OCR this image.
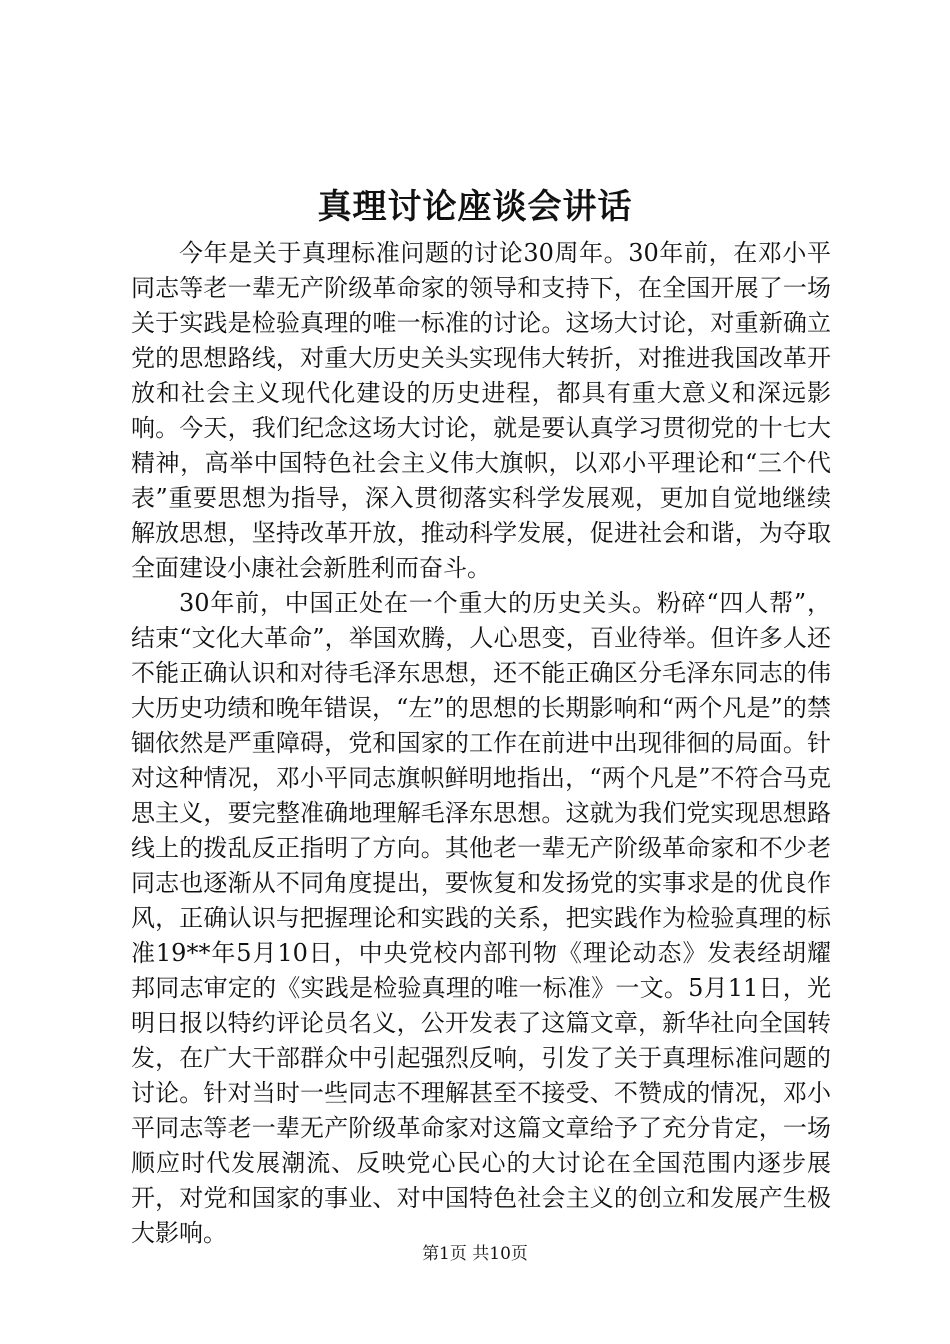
真理讨论座谈会讲话

今年是关于真理标准问题的讨论30周年。30年前，在邓小平同志等老一辈无产阶级革命家的领导和支持下，在全国开展了一场关于实践是检验真理的唯一标准的讨论。这场大讨论，对重新确立党的思想路线，对重大历史关头实现伟大转折，对推进我国改革开放和社会主义现代化建设的历史进程，都具有重大意义和深远影响。今天，我们纪念这场大讨论，就是要认真学习贯彻党的十七大精神，高举中国特色社会主义伟大旗帜，以邓小平理论和“三个代表”重要思想为指导，深入贯彻落实科学发展观，更加自觉地继续解放思想，坚持改革开放，推动科学发展，促进社会和谐，为夺取全面建设小康社会新胜利而奋斗。

30年前，中国正处在一个重大的历史关头。粉碎“四人帮”，结束“文化大革命”，举国欢腾，人心思变，百业待举。但许多人还不能正确认识和对待毛泽东思想，还不能正确区分毛泽东同志的伟大历史功绩和晚年错误，“左”的思想的长期影响和“两个凡是”的禁锢依然是严重障碍，党和国家的工作在前进中出现徘徊的局面。针对这种情况，邓小平同志旗帜鲜明地指出，“两个凡是”不符合马克思主义，要完整准确地理解毛泽东思想。这就为我们党实现思想路线上的拨乱反正指明了方向。其他老一辈无产阶级革命家和不少老同志也逐渐从不同角度提出，要恢复和发扬党的实事求是的优良作风，正确认识与把握理论和实践的关系，把实践作为检验真理的标准19**年5月10日，中央党校内部刊物《理论动态》发表经胡耀邦同志审定的《实践是检验真理的唯一标准》一文。5月11日，光明日报以特约评论员名义，公开发表了这篇文章，新华社向全国转发，在广大干部群众中引起强烈反响，引发了关于真理标准问题的讨论。针对当时一些同志不理解甚至不接受、不赞成的情况，邓小平同志等老一辈无产阶级革命家对这篇文章给予了充分肯定，一场顺应时代发展潮流、反映党心民心的大讨论在全国范围内逐步展开，对党和国家的事业、对中国特色社会主义的创立和发展产生极大影响。

第1页 共10页
